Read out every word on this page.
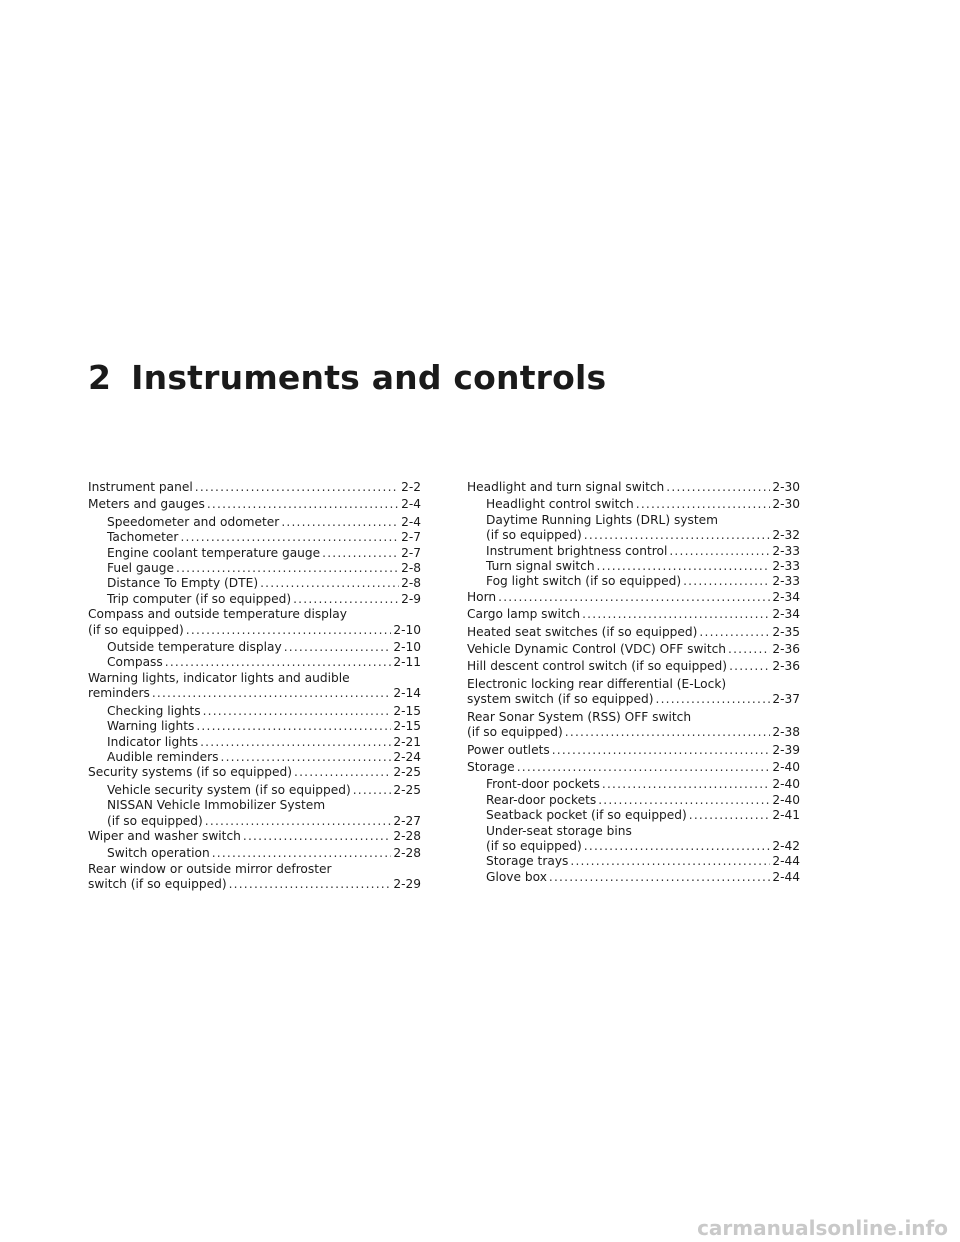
2 Instruments and controls
Instrument panel .....	2-2
Meters and gauges .....	2-4
Speedometer and odometer .....	2-4
Tachometer .....	2-7
Engine coolant temperature gauge .....	2-7
Fuel gauge .....	2-8
Distance To Empty (DTE) .....	2-8
Trip computer (if so equipped) .....	2-9
Compass and outside temperature display
(if so equipped) .....	2-10
Outside temperature display .....	2-10
Compass .....	2-11
Warning lights, indicator lights and audible
reminders .....	2-14
Checking lights .....	2-15
Warning lights .....	2-15
Indicator lights .....	2-21
Audible reminders .....	2-24
Security systems (if so equipped) .....	2-25
Vehicle security system (if so equipped) .....	2-25
NISSAN Vehicle Immobilizer System
(if so equipped) .....	2-27
Wiper and washer switch .....	2-28
Switch operation .....	2-28
Rear window or outside mirror defroster
switch (if so equipped) .....	2-29
Headlight and turn signal switch .....	2-30
Headlight control switch .....	2-30
Daytime Running Lights (DRL) system
(if so equipped) .....	2-32
Instrument brightness control .....	2-33
Turn signal switch .....	2-33
Fog light switch (if so equipped) .....	2-33
Horn .....	2-34
Cargo lamp switch .....	2-34
Heated seat switches (if so equipped) .....	2-35
Vehicle Dynamic Control (VDC) OFF switch .....	2-36
Hill descent control switch (if so equipped) .....	2-36
Electronic locking rear differential (E-Lock)
system switch (if so equipped) .....	2-37
Rear Sonar System (RSS) OFF switch
(if so equipped) .....	2-38
Power outlets .....	2-39
Storage .....	2-40
Front-door pockets .....	2-40
Rear-door pockets .....	2-40
Seatback pocket (if so equipped) .....	2-41
Under-seat storage bins
(if so equipped) .....	2-42
Storage trays .....	2-44
Glove box .....	2-44

carmanualsonline.info
